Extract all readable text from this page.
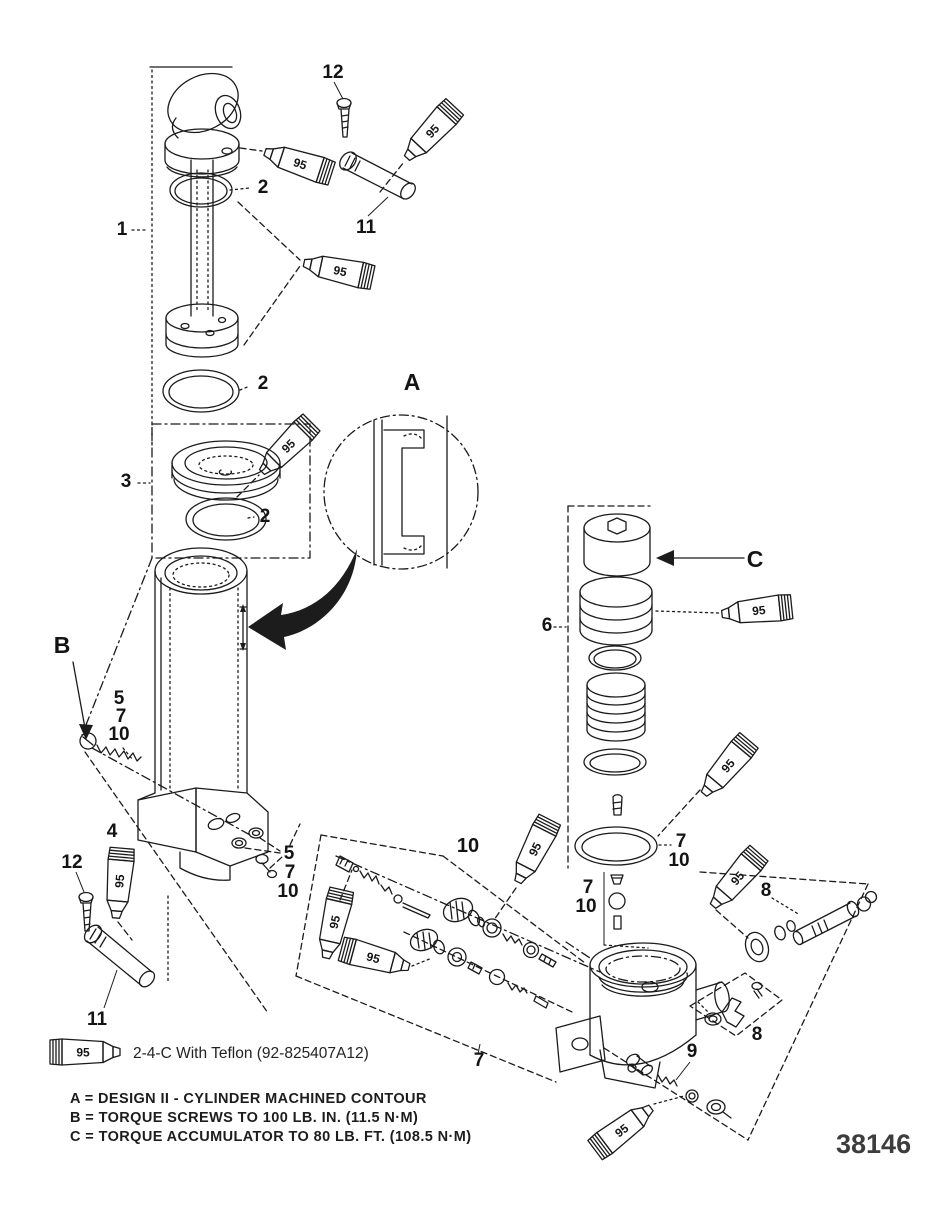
95
95
95
95
95
95
95
95
95
95
95
95
95
1
12
2
11
2	A
3
2
C
6
B
5
7
10
4
10	7
10
5
7
10
12
7
10
8
11
8
9
7
2-4-C With Teflon (92-825407A12)
A = DESIGN II - CYLINDER MACHINED CONTOUR
B = TORQUE SCREWS TO 100 LB. IN. (11.5 N·M)
C = TORQUE ACCUMULATOR TO 80 LB. FT. (108.5 N·M)	38146
